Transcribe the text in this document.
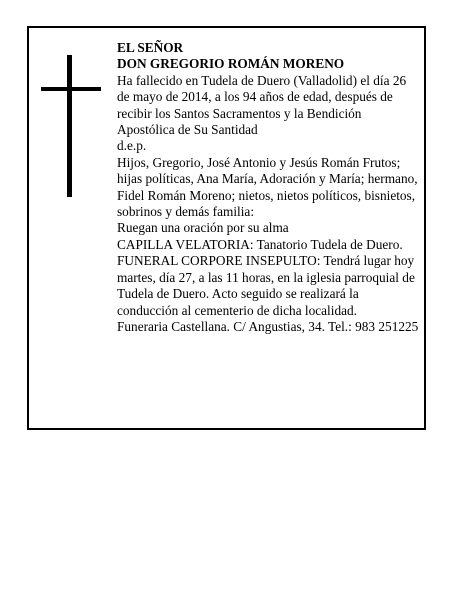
EL SEÑOR

DON GREGORIO ROMÁN MORENO

Ha fallecido en Tudela de Duero (Valladolid) el día 26 de mayo de 2014, a los 94 años de edad, después de recibir los Santos Sacramentos y la Bendición Apostólica de Su Santidad

d.e.p.

Hijos, Gregorio, José Antonio y Jesús Román Frutos; hijas políticas, Ana María, Adoración y María; hermano, Fidel Román Moreno; nietos, nietos políticos, bisnietos, sobrinos y demás familia:

Ruegan una oración por su alma

CAPILLA VELATORIA: Tanatorio Tudela de Duero.

FUNERAL CORPORE INSEPULTO: Tendrá lugar hoy martes, día 27, a las 11 horas, en la iglesia parroquial de Tudela de Duero. Acto seguido se realizará la conducción al cementerio de dicha localidad.

Funeraria Castellana. C/ Angustias, 34. Tel.: 983 251225
